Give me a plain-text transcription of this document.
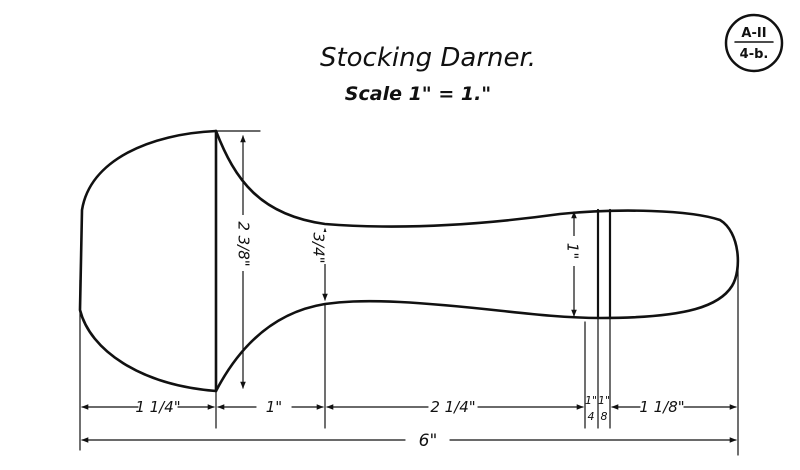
Stocking Darner.
Scale 1" = 1."
A-II
4-b.
2 3/8"	3/4"	1"
1 1/4"	1"	2 1/4"	1"
4
1"
8
1 1/8"
6"
